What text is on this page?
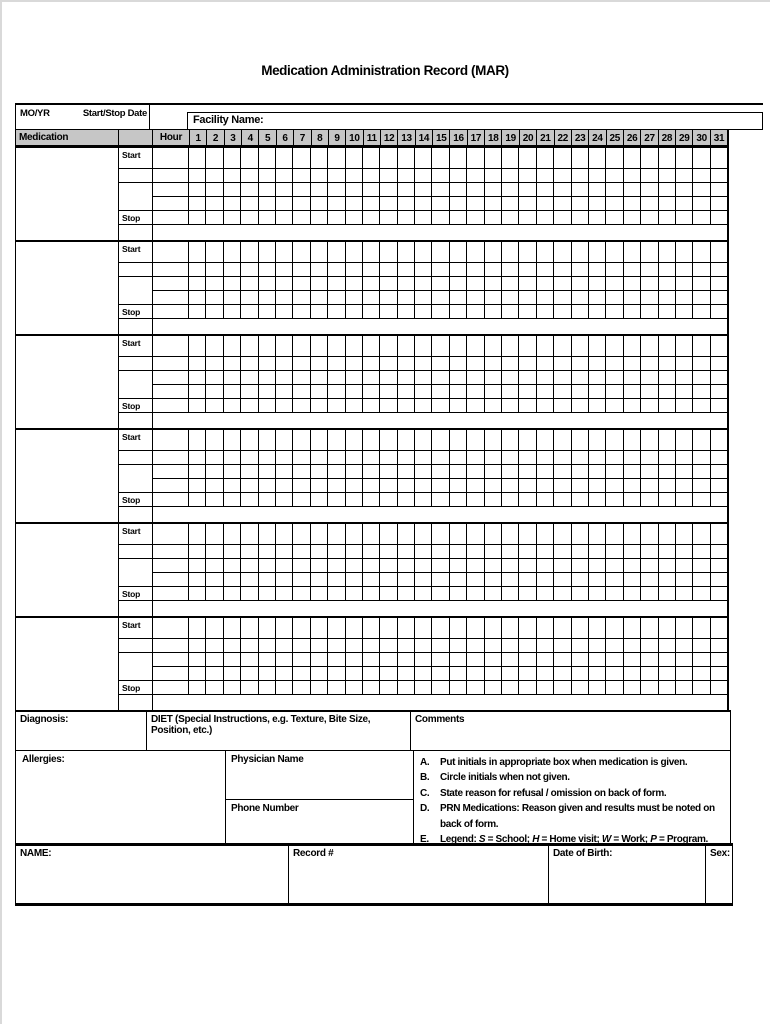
Medication Administration Record (MAR)
MO/YR	Start/Stop Date
Facility Name:
Medication	Hour	1	2	3	4	5	6	7	8	9 10 11 12 13 14 15 16 17 18 19 20 21 22 23 24 25 26 27 28 29 30 31
Start
Stop
Start
Stop
Start
Stop
Start
Stop
Start
Stop
Start
Stop
Diagnosis:	DIET (Special Instructions, e.g. Texture, Bite Size, Position, etc.)
Comments
Allergies:	Physician Name
Phone Number
A.	Put initials in appropriate box when medication is given.
B.	Circle initials when not given.
C.	State reason for refusal / omission on back of form.
D.	PRN Medications: Reason given and results must be noted on back of form.
E.	Legend: S = School; H = Home visit; W = Work; P = Program.
NAME:	Record #	Date of Birth:	Sex:
